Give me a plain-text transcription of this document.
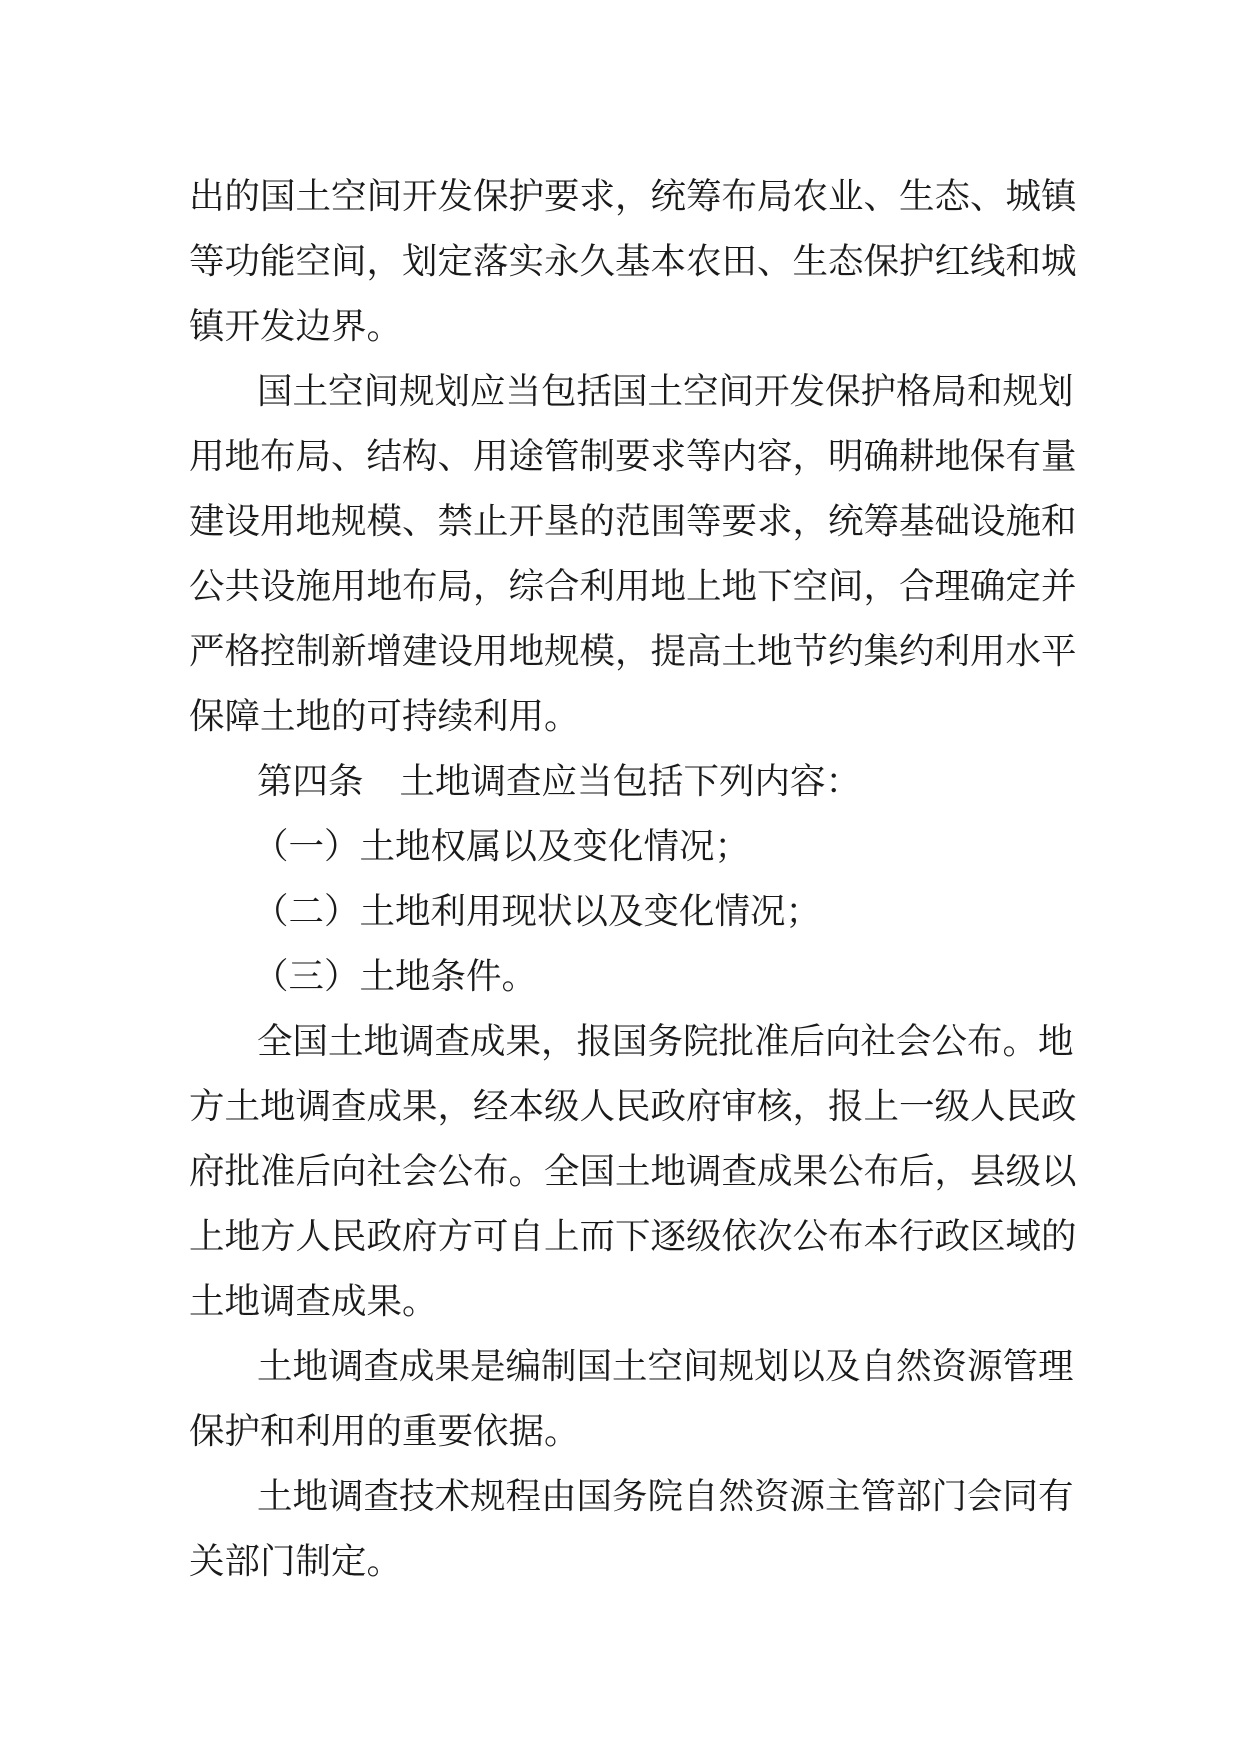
出的国土空间开发保护要求，统筹布局农业、生态、城镇
等功能空间，划定落实永久基本农田、生态保护红线和城
镇开发边界。
国土空间规划应当包括国土空间开发保护格局和规划
用地布局、结构、用途管制要求等内容，明确耕地保有量
建设用地规模、禁止开垦的范围等要求，统筹基础设施和
公共设施用地布局，综合利用地上地下空间，合理确定并
严格控制新增建设用地规模，提高土地节约集约利用水平
保障土地的可持续利用。
第四条 土地调查应当包括下列内容：
（一）土地权属以及变化情况；
（二）土地利用现状以及变化情况；
（三）土地条件。
全国土地调查成果，报国务院批准后向社会公布。地
方土地调查成果，经本级人民政府审核，报上一级人民政
府批准后向社会公布。全国土地调查成果公布后，县级以
上地方人民政府方可自上而下逐级依次公布本行政区域的
土地调查成果。
土地调查成果是编制国土空间规划以及自然资源管理
保护和利用的重要依据。
土地调查技术规程由国务院自然资源主管部门会同有
关部门制定。
